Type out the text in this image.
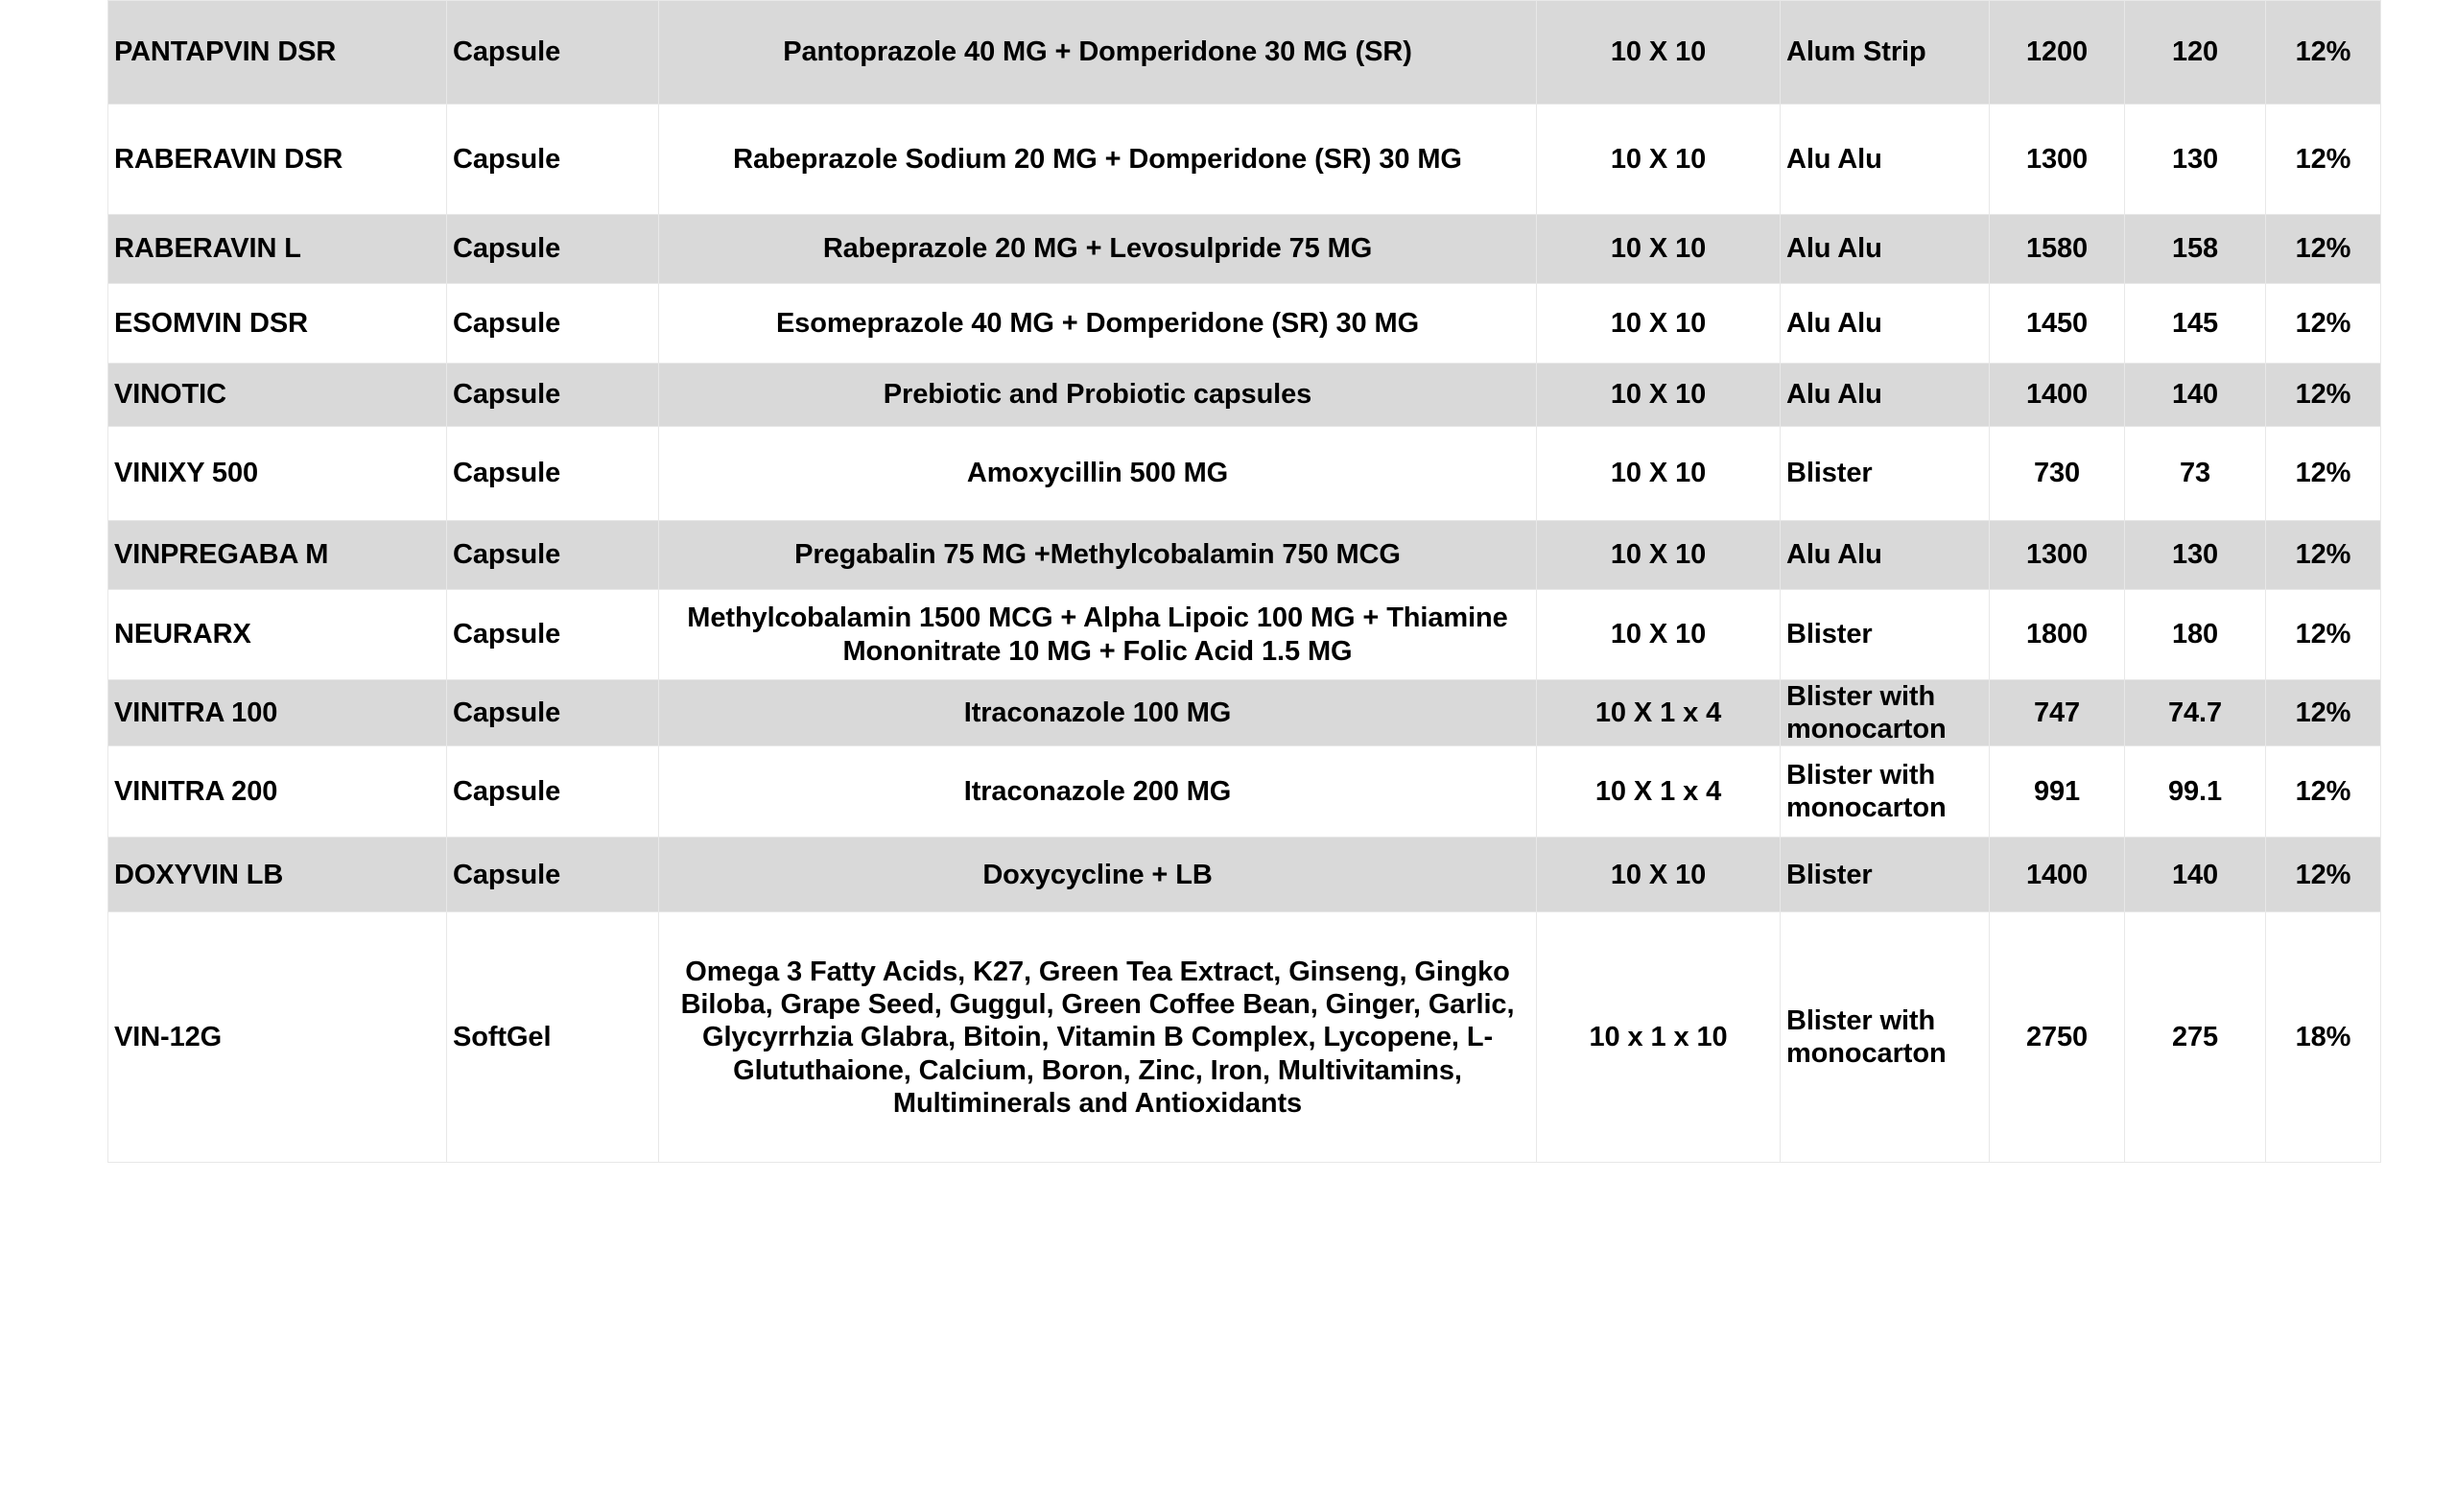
PANTAPVIN DSR	Capsule	Pantoprazole 40 MG + Domperidone 30 MG (SR)	10 X 10	Alum Strip	1200	120	12%
RABERAVIN DSR	Capsule	Rabeprazole Sodium 20 MG + Domperidone (SR) 30 MG	10 X 10	Alu Alu	1300	130	12%
RABERAVIN L	Capsule	Rabeprazole 20 MG + Levosulpride 75 MG	10 X 10	Alu Alu	1580	158	12%
ESOMVIN DSR	Capsule	Esomeprazole 40 MG + Domperidone (SR) 30 MG	10 X 10	Alu Alu	1450	145	12%
VINOTIC	Capsule	Prebiotic and Probiotic capsules	10 X 10	Alu Alu	1400	140	12%
VINIXY 500	Capsule	Amoxycillin 500 MG	10 X 10	Blister	730	73	12%
VINPREGABA M	Capsule	Pregabalin 75 MG +Methylcobalamin 750 MCG	10 X 10	Alu Alu	1300	130	12%
NEURARX	Capsule	Methylcobalamin 1500 MCG + Alpha Lipoic 100 MG + Thiamine Mononitrate 10 MG + Folic Acid 1.5 MG	10 X 10	Blister	1800	180	12%
VINITRA 100	Capsule	Itraconazole 100 MG	10 X 1 x 4	Blister with monocarton	747	74.7	12%
VINITRA 200	Capsule	Itraconazole 200 MG	10 X 1 x 4	Blister with monocarton	991	99.1	12%
DOXYVIN LB	Capsule	Doxycycline + LB	10 X 10	Blister	1400	140	12%
VIN-12G	SoftGel	Omega 3 Fatty Acids, K27, Green Tea Extract, Ginseng, Gingko Biloba, Grape Seed, Guggul, Green Coffee Bean, Ginger, Garlic, Glycyrrhzia Glabra, Bitoin, Vitamin B Complex, Lycopene, L-Glututhaione, Calcium, Boron, Zinc, Iron, Multivitamins, Multiminerals and Antioxidants	10 x 1 x 10	Blister with monocarton	2750	275	18%
